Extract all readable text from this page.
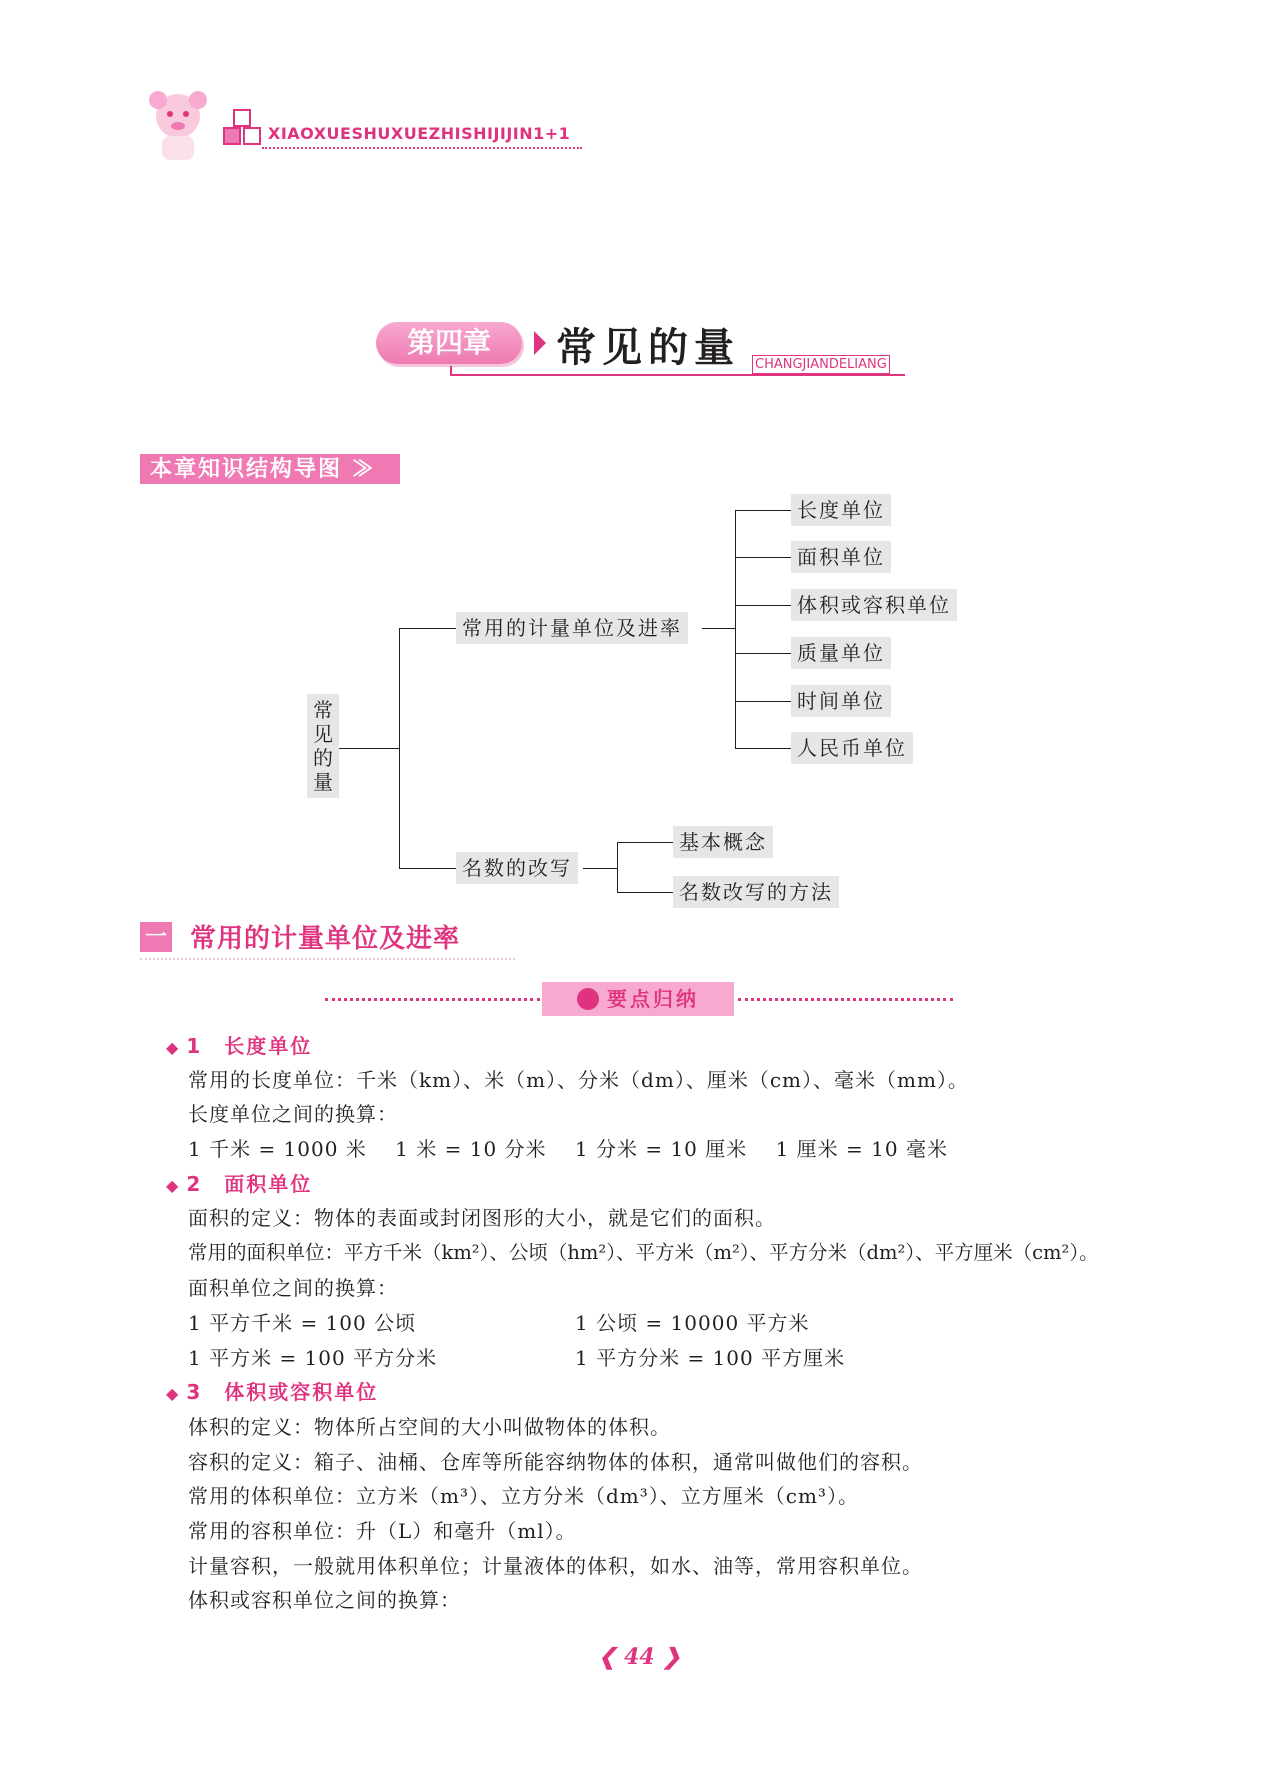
XIAOXUESHUXUEZHISHIJIJIN1+1
第四章	常见的量 CHANGJIANDELIANG
本章知识结构导图 ≫
常见的量
常用的计量单位及进率
名数的改写
长度单位
面积单位
体积或容积单位
质量单位
时间单位
人民币单位
基本概念
名数改写的方法
一 常用的计量单位及进率
要点归纳
◆ 1 长度单位
常用的长度单位：千米（km）、米（m）、分米（dm）、厘米（cm）、毫米（mm）。
长度单位之间的换算：
1 千米 = 1000 米　 1 米 = 10 分米　 1 分米 = 10 厘米　 1 厘米 = 10 毫米
◆ 2 面积单位
面积的定义：物体的表面或封闭图形的大小，就是它们的面积。
常用的面积单位：平方千米（km²）、公顷（hm²）、平方米（m²）、平方分米（dm²）、平方厘米（cm²）。
面积单位之间的换算：
1 平方千米 = 100 公顷	1 公顷 = 10000 平方米
1 平方米 = 100 平方分米	1 平方分米 = 100 平方厘米
◆ 3 体积或容积单位
体积的定义：物体所占空间的大小叫做物体的体积。
容积的定义：箱子、油桶、仓库等所能容纳物体的体积，通常叫做他们的容积。
常用的体积单位：立方米（m³）、立方分米（dm³）、立方厘米（cm³）。
常用的容积单位：升（L）和毫升（ml）。
计量容积，一般就用体积单位；计量液体的体积，如水、油等，常用容积单位。
体积或容积单位之间的换算：
❮ 44 ❯
